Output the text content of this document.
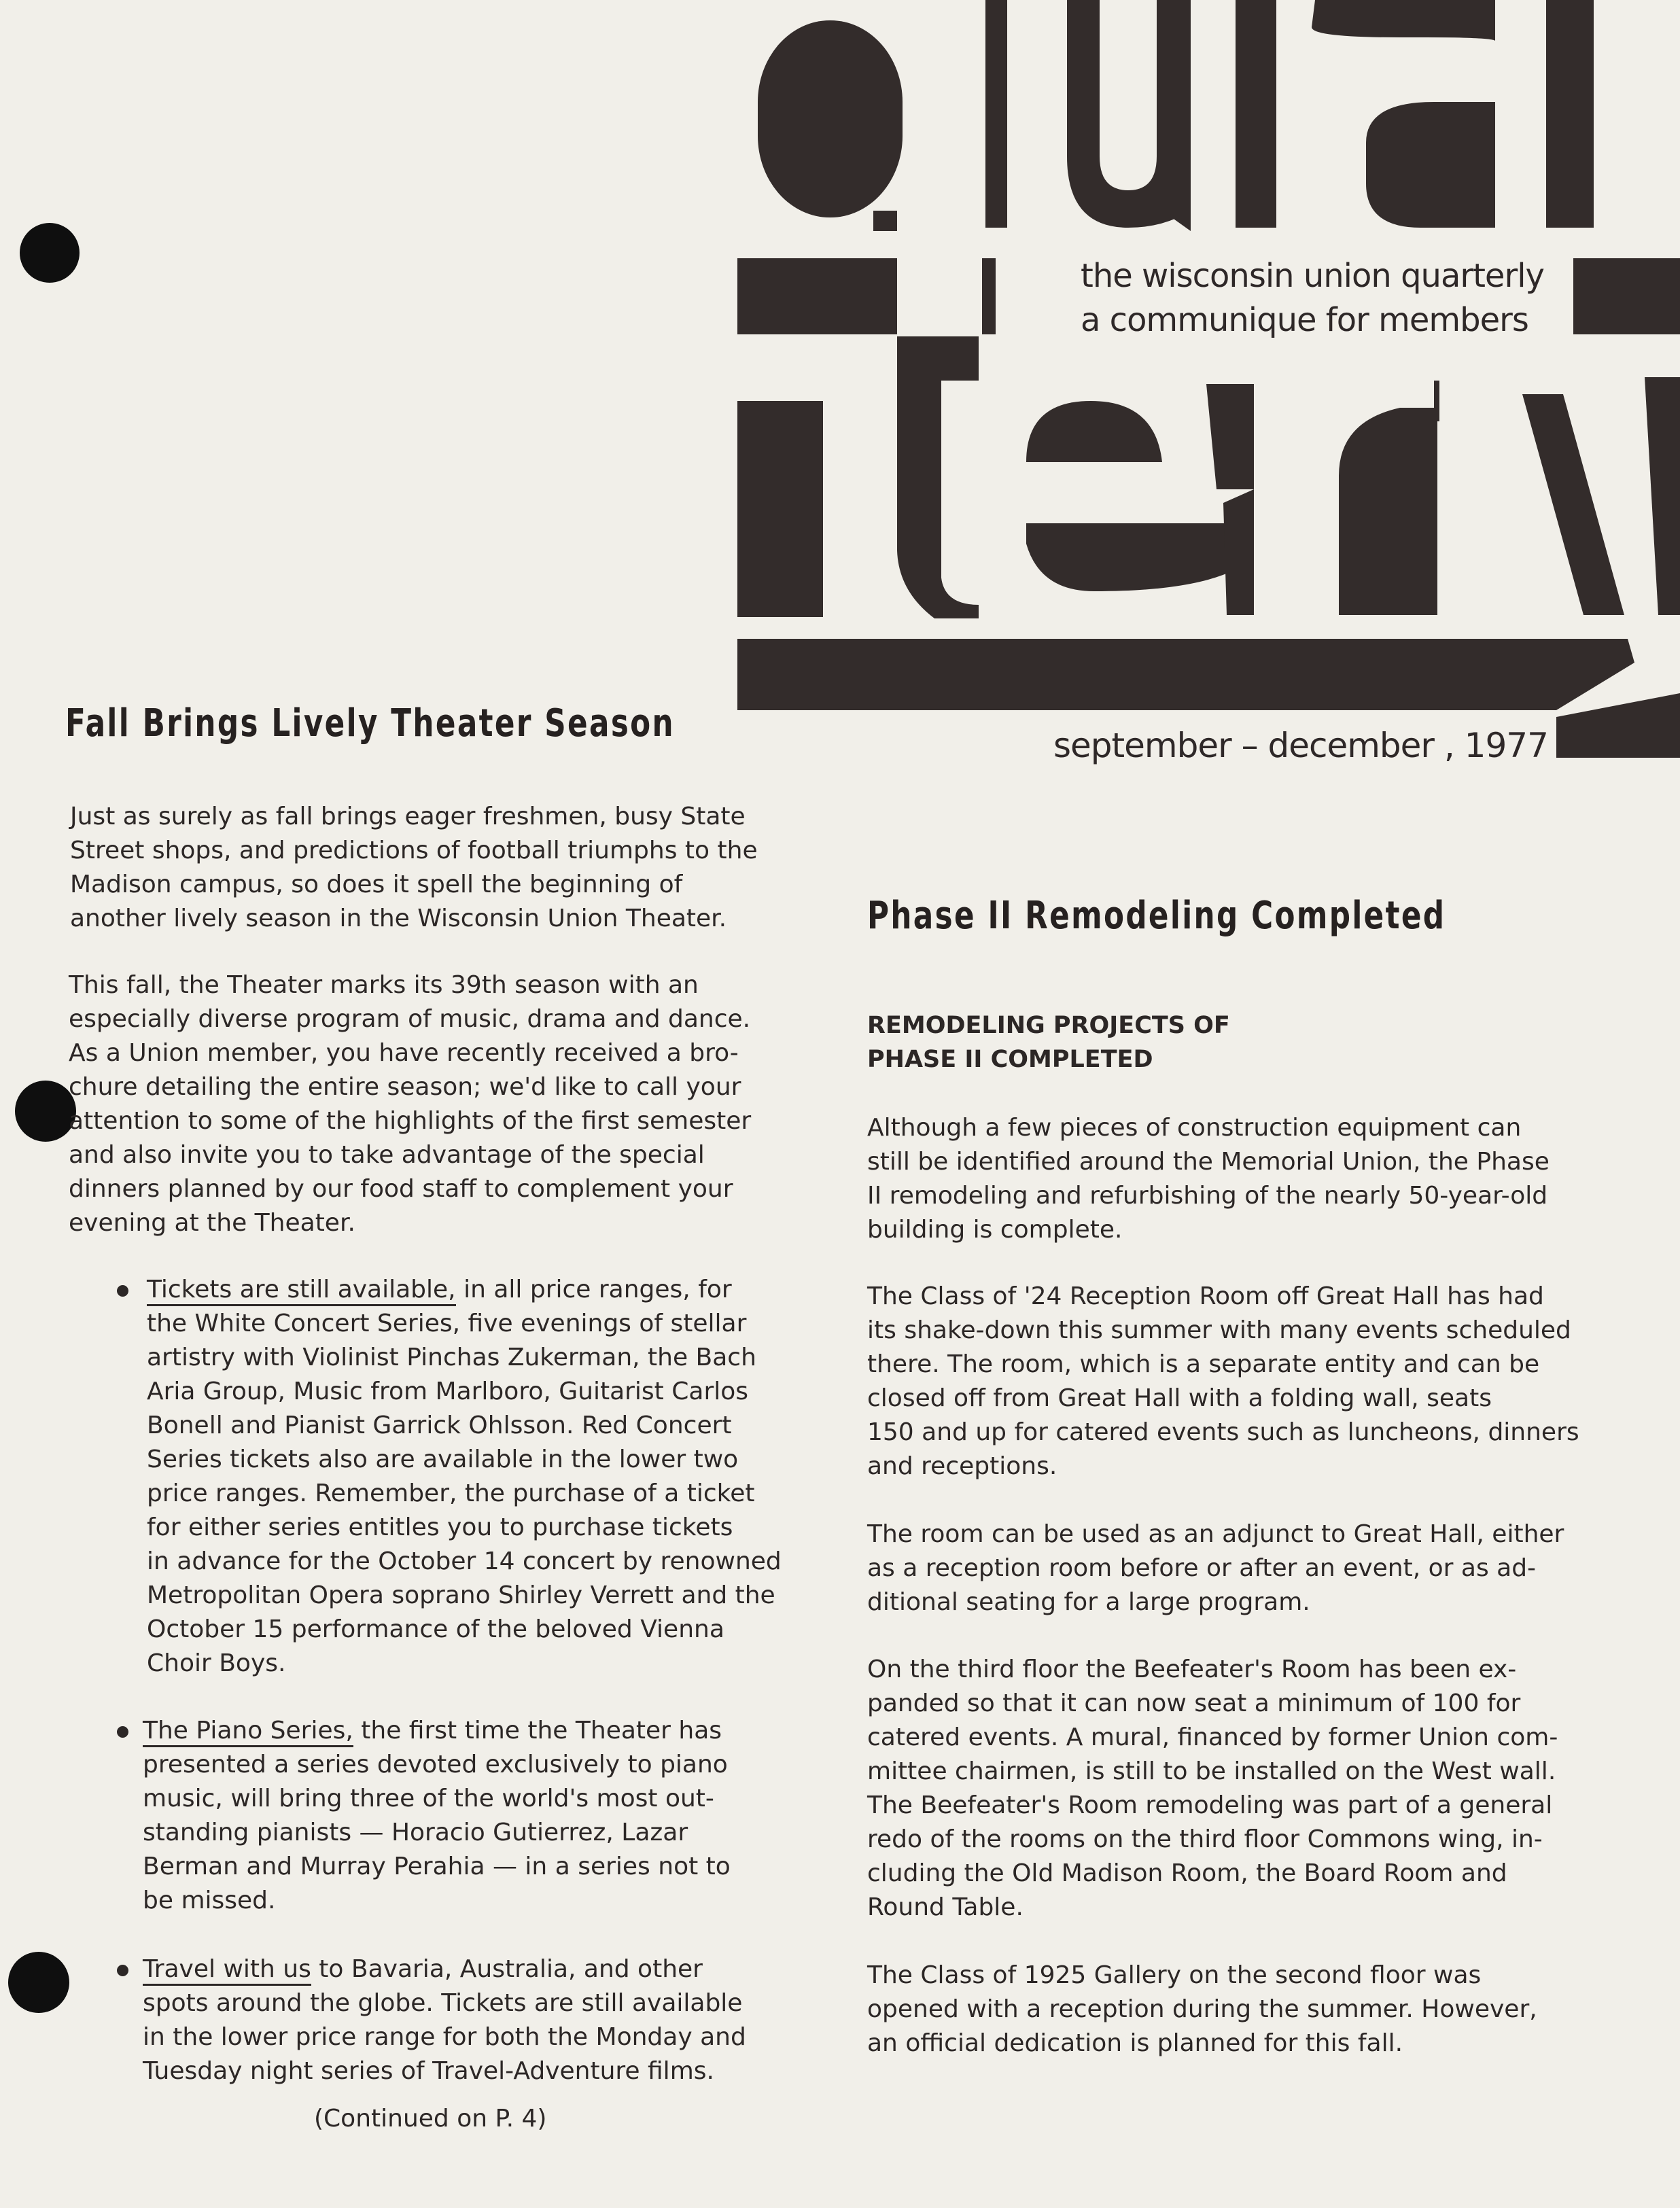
the wisconsin union quarterly
a communique for members
september – december , 1977
Fall Brings Lively Theater Season

Just as surely as fall brings eager freshmen, busy State
Street shops, and predictions of football triumphs to the
Madison campus, so does it spell the beginning of
another lively season in the Wisconsin Union Theater.

This fall, the Theater marks its 39th season with an
especially diverse program of music, drama and dance.
As a Union member, you have recently received a bro-
chure detailing the entire season; we'd like to call your
attention to some of the highlights of the first semester
and also invite you to take advantage of the special
dinners planned by our food staff to complement your
evening at the Theater.

Tickets are still available, in all price ranges, for
the White Concert Series, five evenings of stellar
artistry with Violinist Pinchas Zukerman, the Bach
Aria Group, Music from Marlboro, Guitarist Carlos
Bonell and Pianist Garrick Ohlsson. Red Concert
Series tickets also are available in the lower two
price ranges. Remember, the purchase of a ticket
for either series entitles you to purchase tickets
in advance for the October 14 concert by renowned
Metropolitan Opera soprano Shirley Verrett and the
October 15 performance of the beloved Vienna
Choir Boys.

The Piano Series, the first time the Theater has
presented a series devoted exclusively to piano
music, will bring three of the world's most out-
standing pianists — Horacio Gutierrez, Lazar
Berman and Murray Perahia — in a series not to
be missed.

Travel with us to Bavaria, Australia, and other
spots around the globe. Tickets are still available
in the lower price range for both the Monday and
Tuesday night series of Travel-Adventure films.

(Continued on P. 4)
Phase II Remodeling Completed
REMODELING PROJECTS OF
PHASE II COMPLETED

Although a few pieces of construction equipment can
still be identified around the Memorial Union, the Phase
II remodeling and refurbishing of the nearly 50-year-old
building is complete.

The Class of '24 Reception Room off Great Hall has had
its shake-down this summer with many events scheduled
there. The room, which is a separate entity and can be
closed off from Great Hall with a folding wall, seats
150 and up for catered events such as luncheons, dinners
and receptions.

The room can be used as an adjunct to Great Hall, either
as a reception room before or after an event, or as ad-
ditional seating for a large program.

On the third floor the Beefeater's Room has been ex-
panded so that it can now seat a minimum of 100 for
catered events. A mural, financed by former Union com-
mittee chairmen, is still to be installed on the West wall.
The Beefeater's Room remodeling was part of a general
redo of the rooms on the third floor Commons wing, in-
cluding the Old Madison Room, the Board Room and
Round Table.

The Class of 1925 Gallery on the second floor was
opened with a reception during the summer. However,
an official dedication is planned for this fall.
